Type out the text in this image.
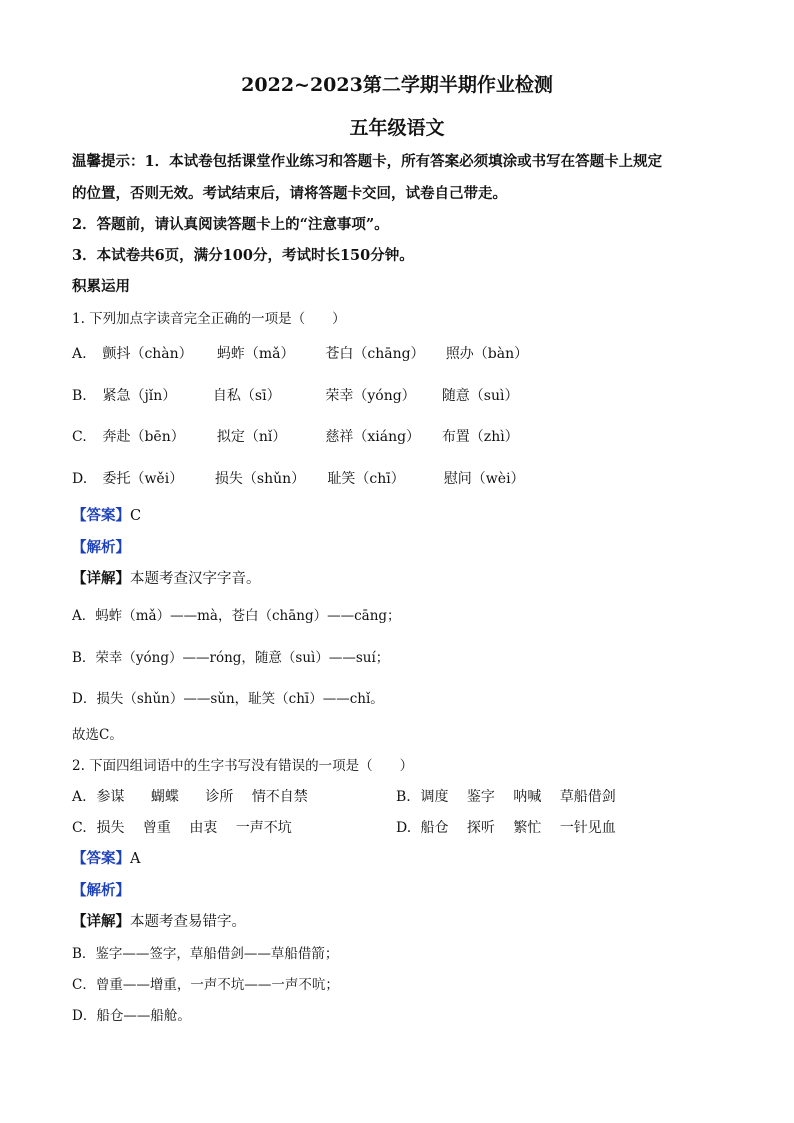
2022~2023第二学期半期作业检测
五年级语文
温馨提示：1．本试卷包括课堂作业练习和答题卡，所有答案必须填涂或书写在答题卡上规定
的位置，否则无效。考试结束后，请将答题卡交回，试卷自己带走。
2．答题前，请认真阅读答题卡上的“注意事项”。
3．本试卷共6页，满分100分，考试时长150分钟。
积累运用
1. 下列加点字读音完全正确的一项是（　　）
A. 颤抖（chàn） 蚂蚱（mǎ） 苍白（chāng） 照办（bàn）
B. 紧急（jǐn）	自私（sī）	荣幸（yóng） 随意（suì）
C. 奔赴（bēn） 拟定（nǐ）	慈祥（xiáng） 布置（zhì）
D. 委托（wěi） 损失（shǔn） 耻笑（chī）	慰问（wèi）
【答案】C
【解析】
【详解】本题考查汉字字音。
A．蚂蚱（mǎ）——mà，苍白（chāng）——cāng；
B．荣幸（yóng）——róng，随意（suì）——suí；
D．损失（shǔn）——sǔn，耻笑（chī）——chǐ。
故选C。
2. 下面四组词语中的生字书写没有错误的一项是（　　）
A. 参谋 蝴蝶 诊所 情不自禁	B. 调度 鉴字 呐喊 草船借剑
C. 损失 曾重 由衷 一声不坑	D. 船仓 探听 繁忙 一针见血
【答案】A
【解析】
【详解】本题考查易错字。
B．鉴字——签字，草船借剑——草船借箭；
C．曾重——增重，一声不坑——一声不吭；
D．船仓——船舱。
